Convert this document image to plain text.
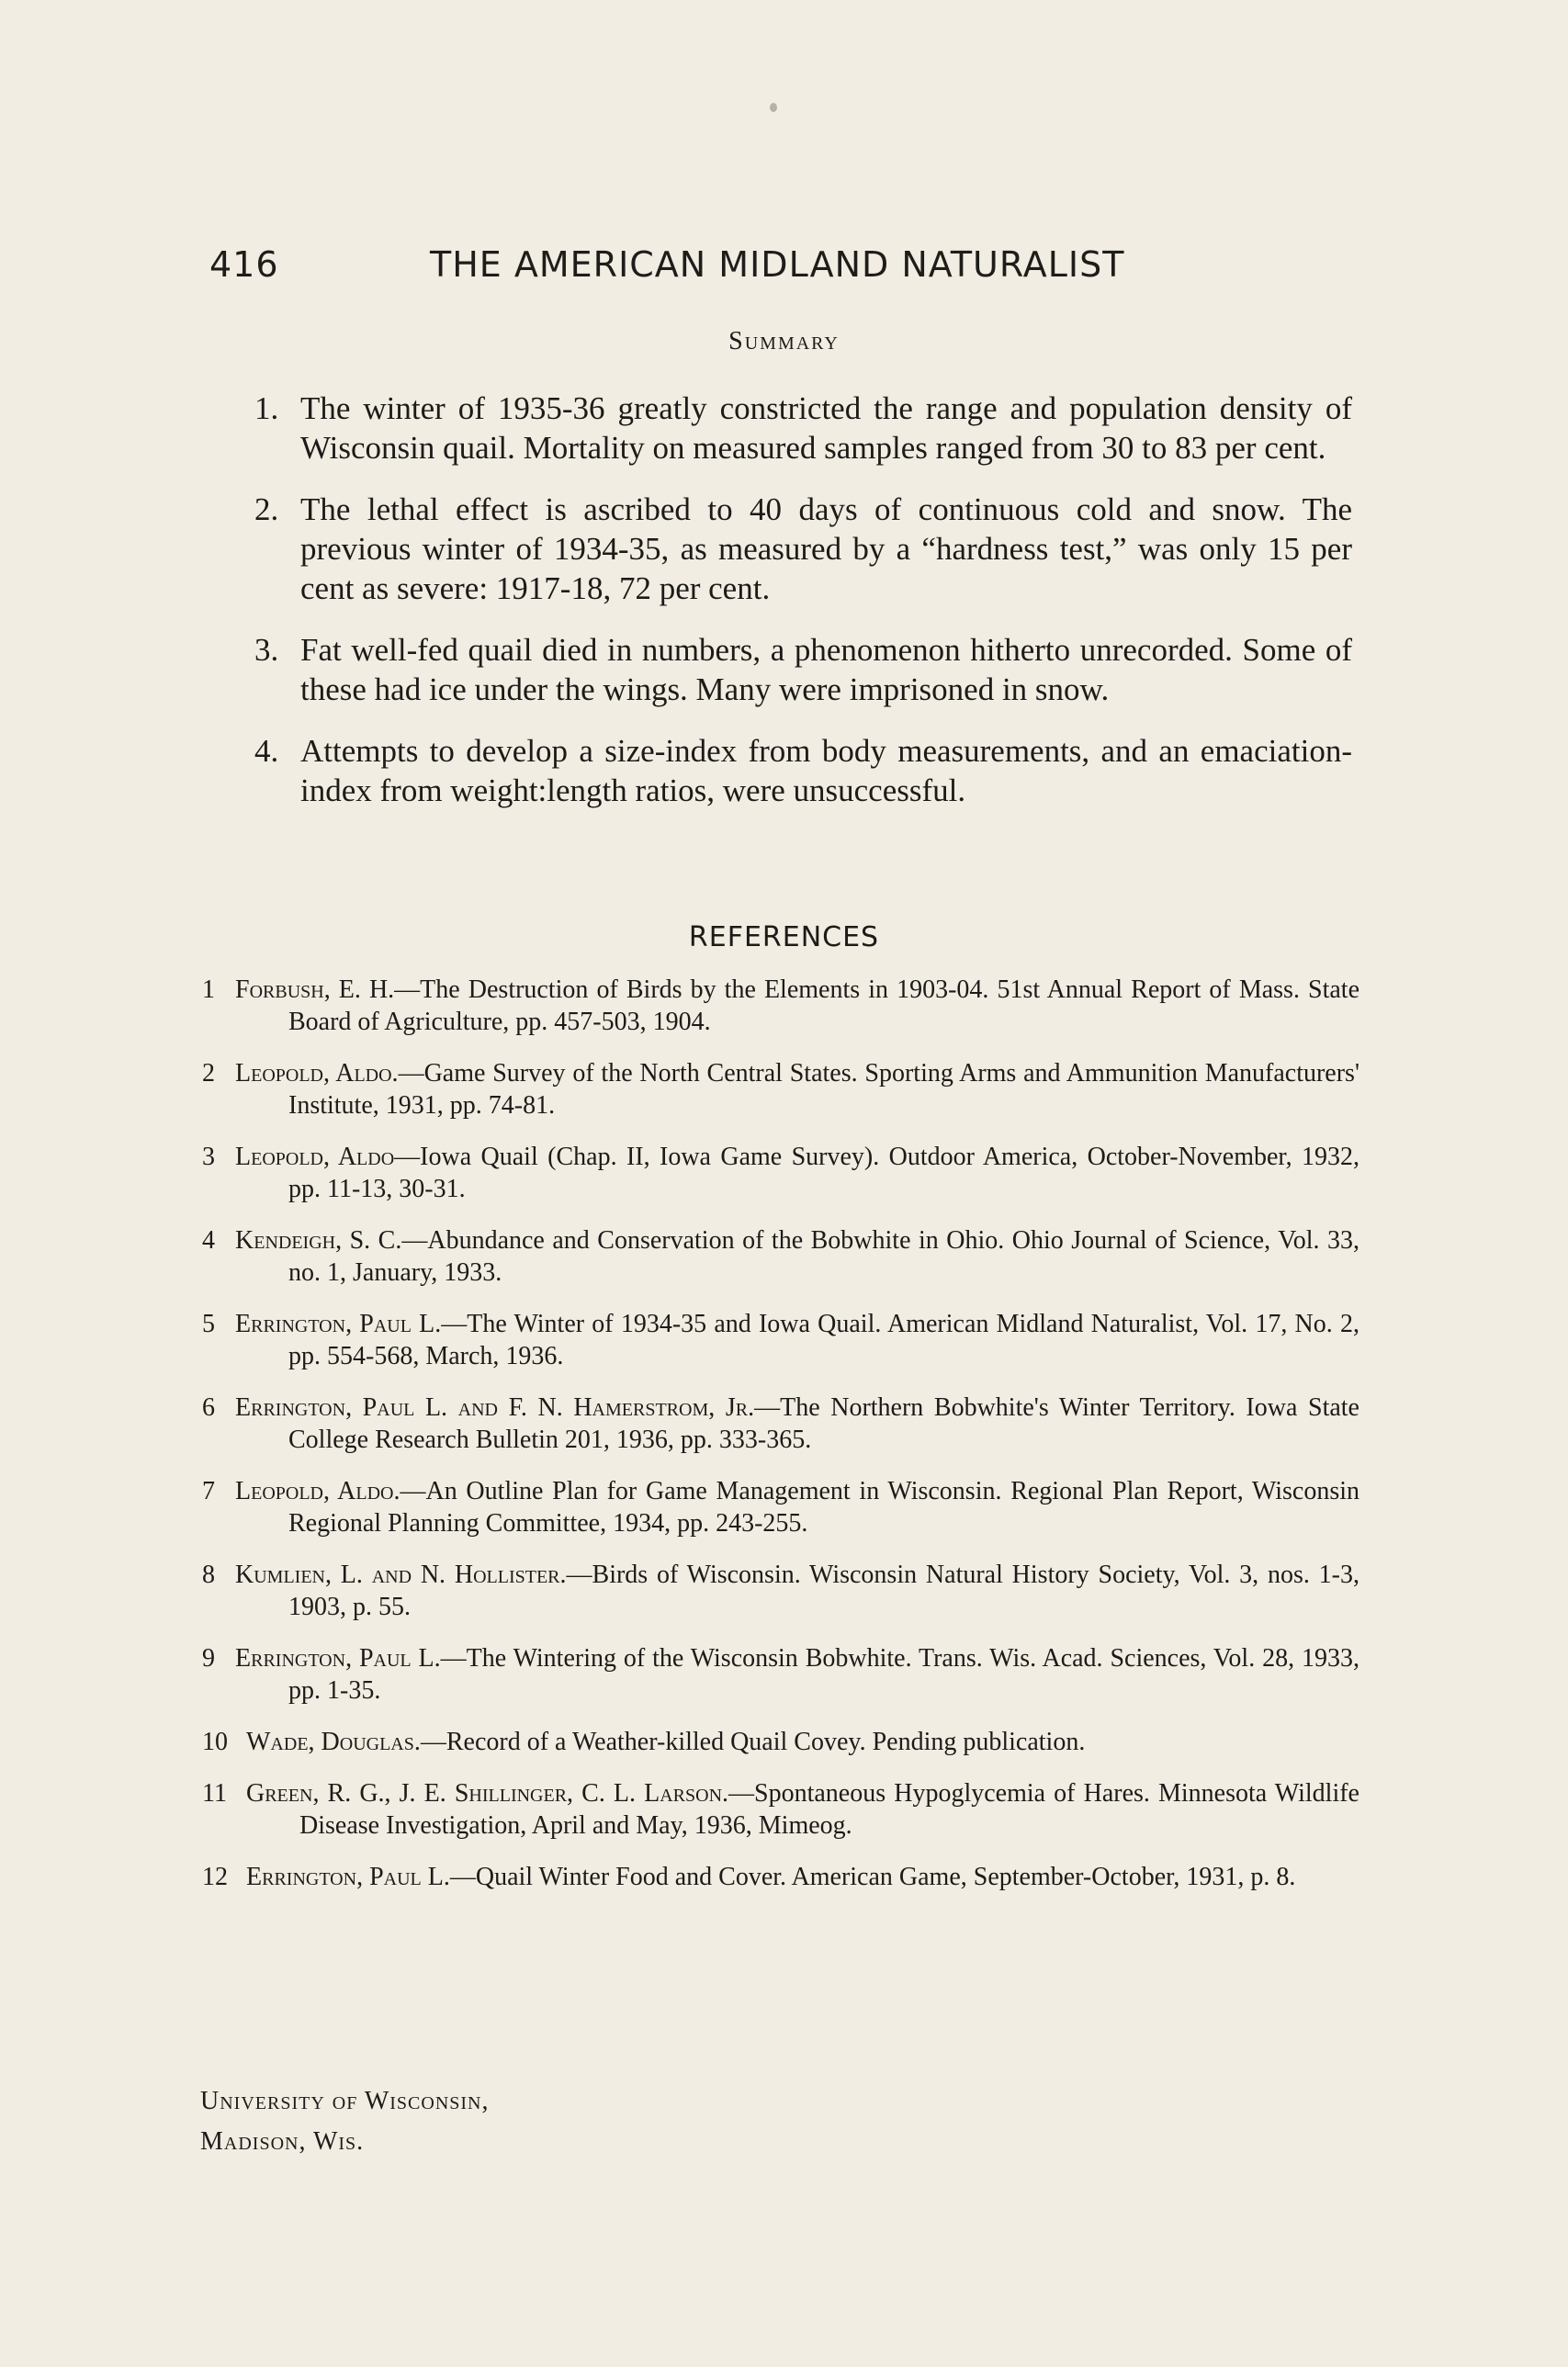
416	THE AMERICAN MIDLAND NATURALIST
Summary
1. The winter of 1935-36 greatly constricted the range and population density of Wisconsin quail. Mortality on measured samples ranged from 30 to 83 per cent.
2. The lethal effect is ascribed to 40 days of continuous cold and snow. The previous winter of 1934-35, as measured by a “hardness test,” was only 15 per cent as severe: 1917-18, 72 per cent.
3. Fat well-fed quail died in numbers, a phenomenon hitherto unrecorded. Some of these had ice under the wings. Many were imprisoned in snow.
4. Attempts to develop a size-index from body measurements, and an emaciation-index from weight:length ratios, were unsuccessful.
REFERENCES
1 Forbush, E. H.—The Destruction of Birds by the Elements in 1903-04. 51st Annual Report of Mass. State Board of Agriculture, pp. 457-503, 1904.
2 Leopold, Aldo.—Game Survey of the North Central States. Sporting Arms and Ammunition Manufacturers' Institute, 1931, pp. 74-81.
3 Leopold, Aldo—Iowa Quail (Chap. II, Iowa Game Survey). Outdoor America, October-November, 1932, pp. 11-13, 30-31.
4 Kendeigh, S. C.—Abundance and Conservation of the Bobwhite in Ohio. Ohio Journal of Science, Vol. 33, no. 1, January, 1933.
5 Errington, Paul L.—The Winter of 1934-35 and Iowa Quail. American Midland Naturalist, Vol. 17, No. 2, pp. 554-568, March, 1936.
6 Errington, Paul L. and F. N. Hamerstrom, Jr.—The Northern Bobwhite's Winter Territory. Iowa State College Research Bulletin 201, 1936, pp. 333-365.
7 Leopold, Aldo.—An Outline Plan for Game Management in Wisconsin. Regional Plan Report, Wisconsin Regional Planning Committee, 1934, pp. 243-255.
8 Kumlien, L. and N. Hollister.—Birds of Wisconsin. Wisconsin Natural History Society, Vol. 3, nos. 1-3, 1903, p. 55.
9 Errington, Paul L.—The Wintering of the Wisconsin Bobwhite. Trans. Wis. Acad. Sciences, Vol. 28, 1933, pp. 1-35.
10 Wade, Douglas.—Record of a Weather-killed Quail Covey. Pending publication.
11 Green, R. G., J. E. Shillinger, C. L. Larson.—Spontaneous Hypoglycemia of Hares. Minnesota Wildlife Disease Investigation, April and May, 1936, Mimeog.
12 Errington, Paul L.—Quail Winter Food and Cover. American Game, September-October, 1931, p. 8.
University of Wisconsin,
Madison, Wis.
